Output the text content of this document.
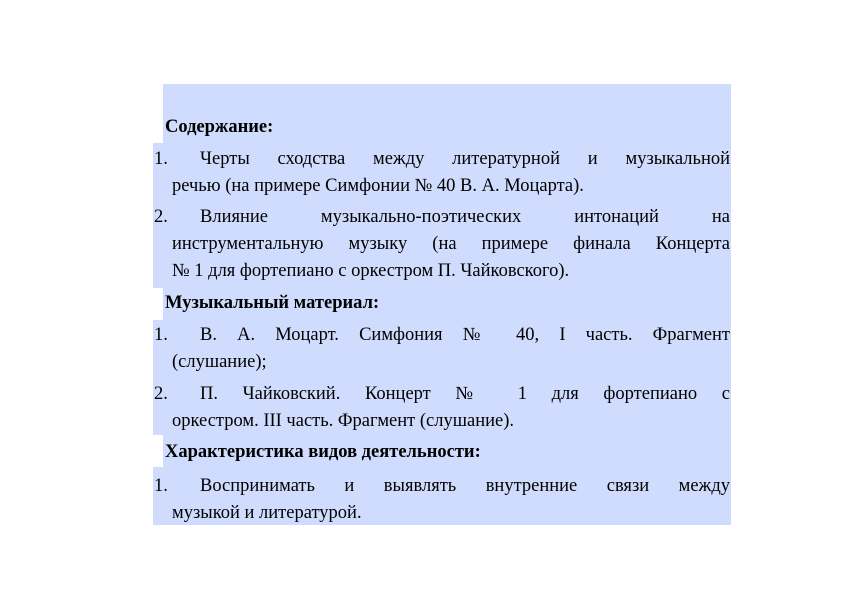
Содержание:
1. Черты сходства между литературной и музыкальной
речью (на примере Симфонии № 40 В. А. Моцарта).
2. Влияние музыкально-поэтических интонаций на
инструментальную музыку (на примере финала Концерта
№ 1 для фортепиано с оркестром П. Чайковского).
Музыкальный материал:
1. В. А. Моцарт. Симфония № 40, I часть. Фрагмент
(слушание);
2. П. Чайковский. Концерт № 1 для фортепиано с
оркестром. III часть. Фрагмент (слушание).
Характеристика видов деятельности:
1. Воспринимать и выявлять внутренние связи между
музыкой и литературой.
